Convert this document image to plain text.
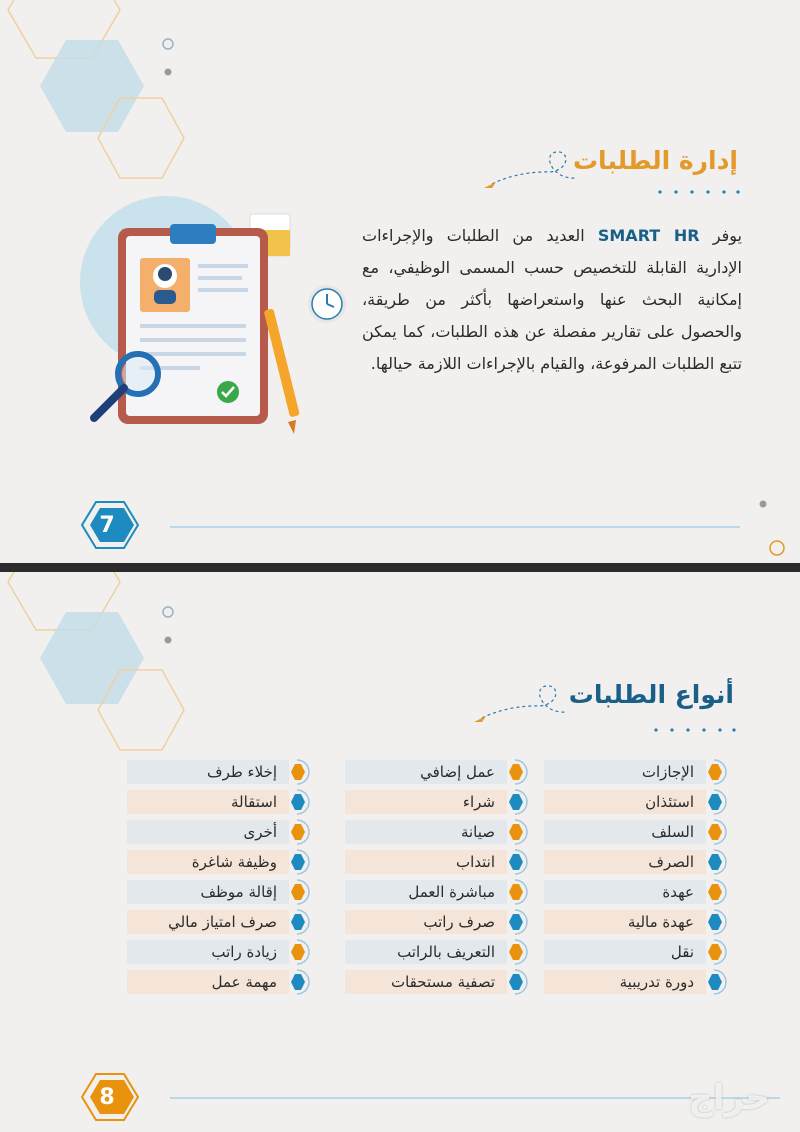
إدارة الطلبات
يوفر SMART HR العديد من الطلبات والإجراءات الإدارية القابلة للتخصيص حسب المسمى الوظيفي، مع إمكانية البحث عنها واستعراضها بأكثر من طريقة، والحصول على تقارير مفصلة عن هذه الطلبات، كما يمكن تتبع الطلبات المرفوعة، والقيام بالإجراءات اللازمة حيالها.
7
أنواع الطلبات
الإجازات
استئذان
السلف
الصرف
عهدة
عهدة مالية
نقل
دورة تدريبية
عمل إضافي
شراء
صيانة
انتداب
مباشرة العمل
صرف راتب
التعريف بالراتب
تصفية مستحقات
إخلاء طرف
استقالة
أخرى
وظيفة شاغرة
إقالة موظف
صرف امتياز مالي
زيادة راتب
مهمة عمل
8	حراج
